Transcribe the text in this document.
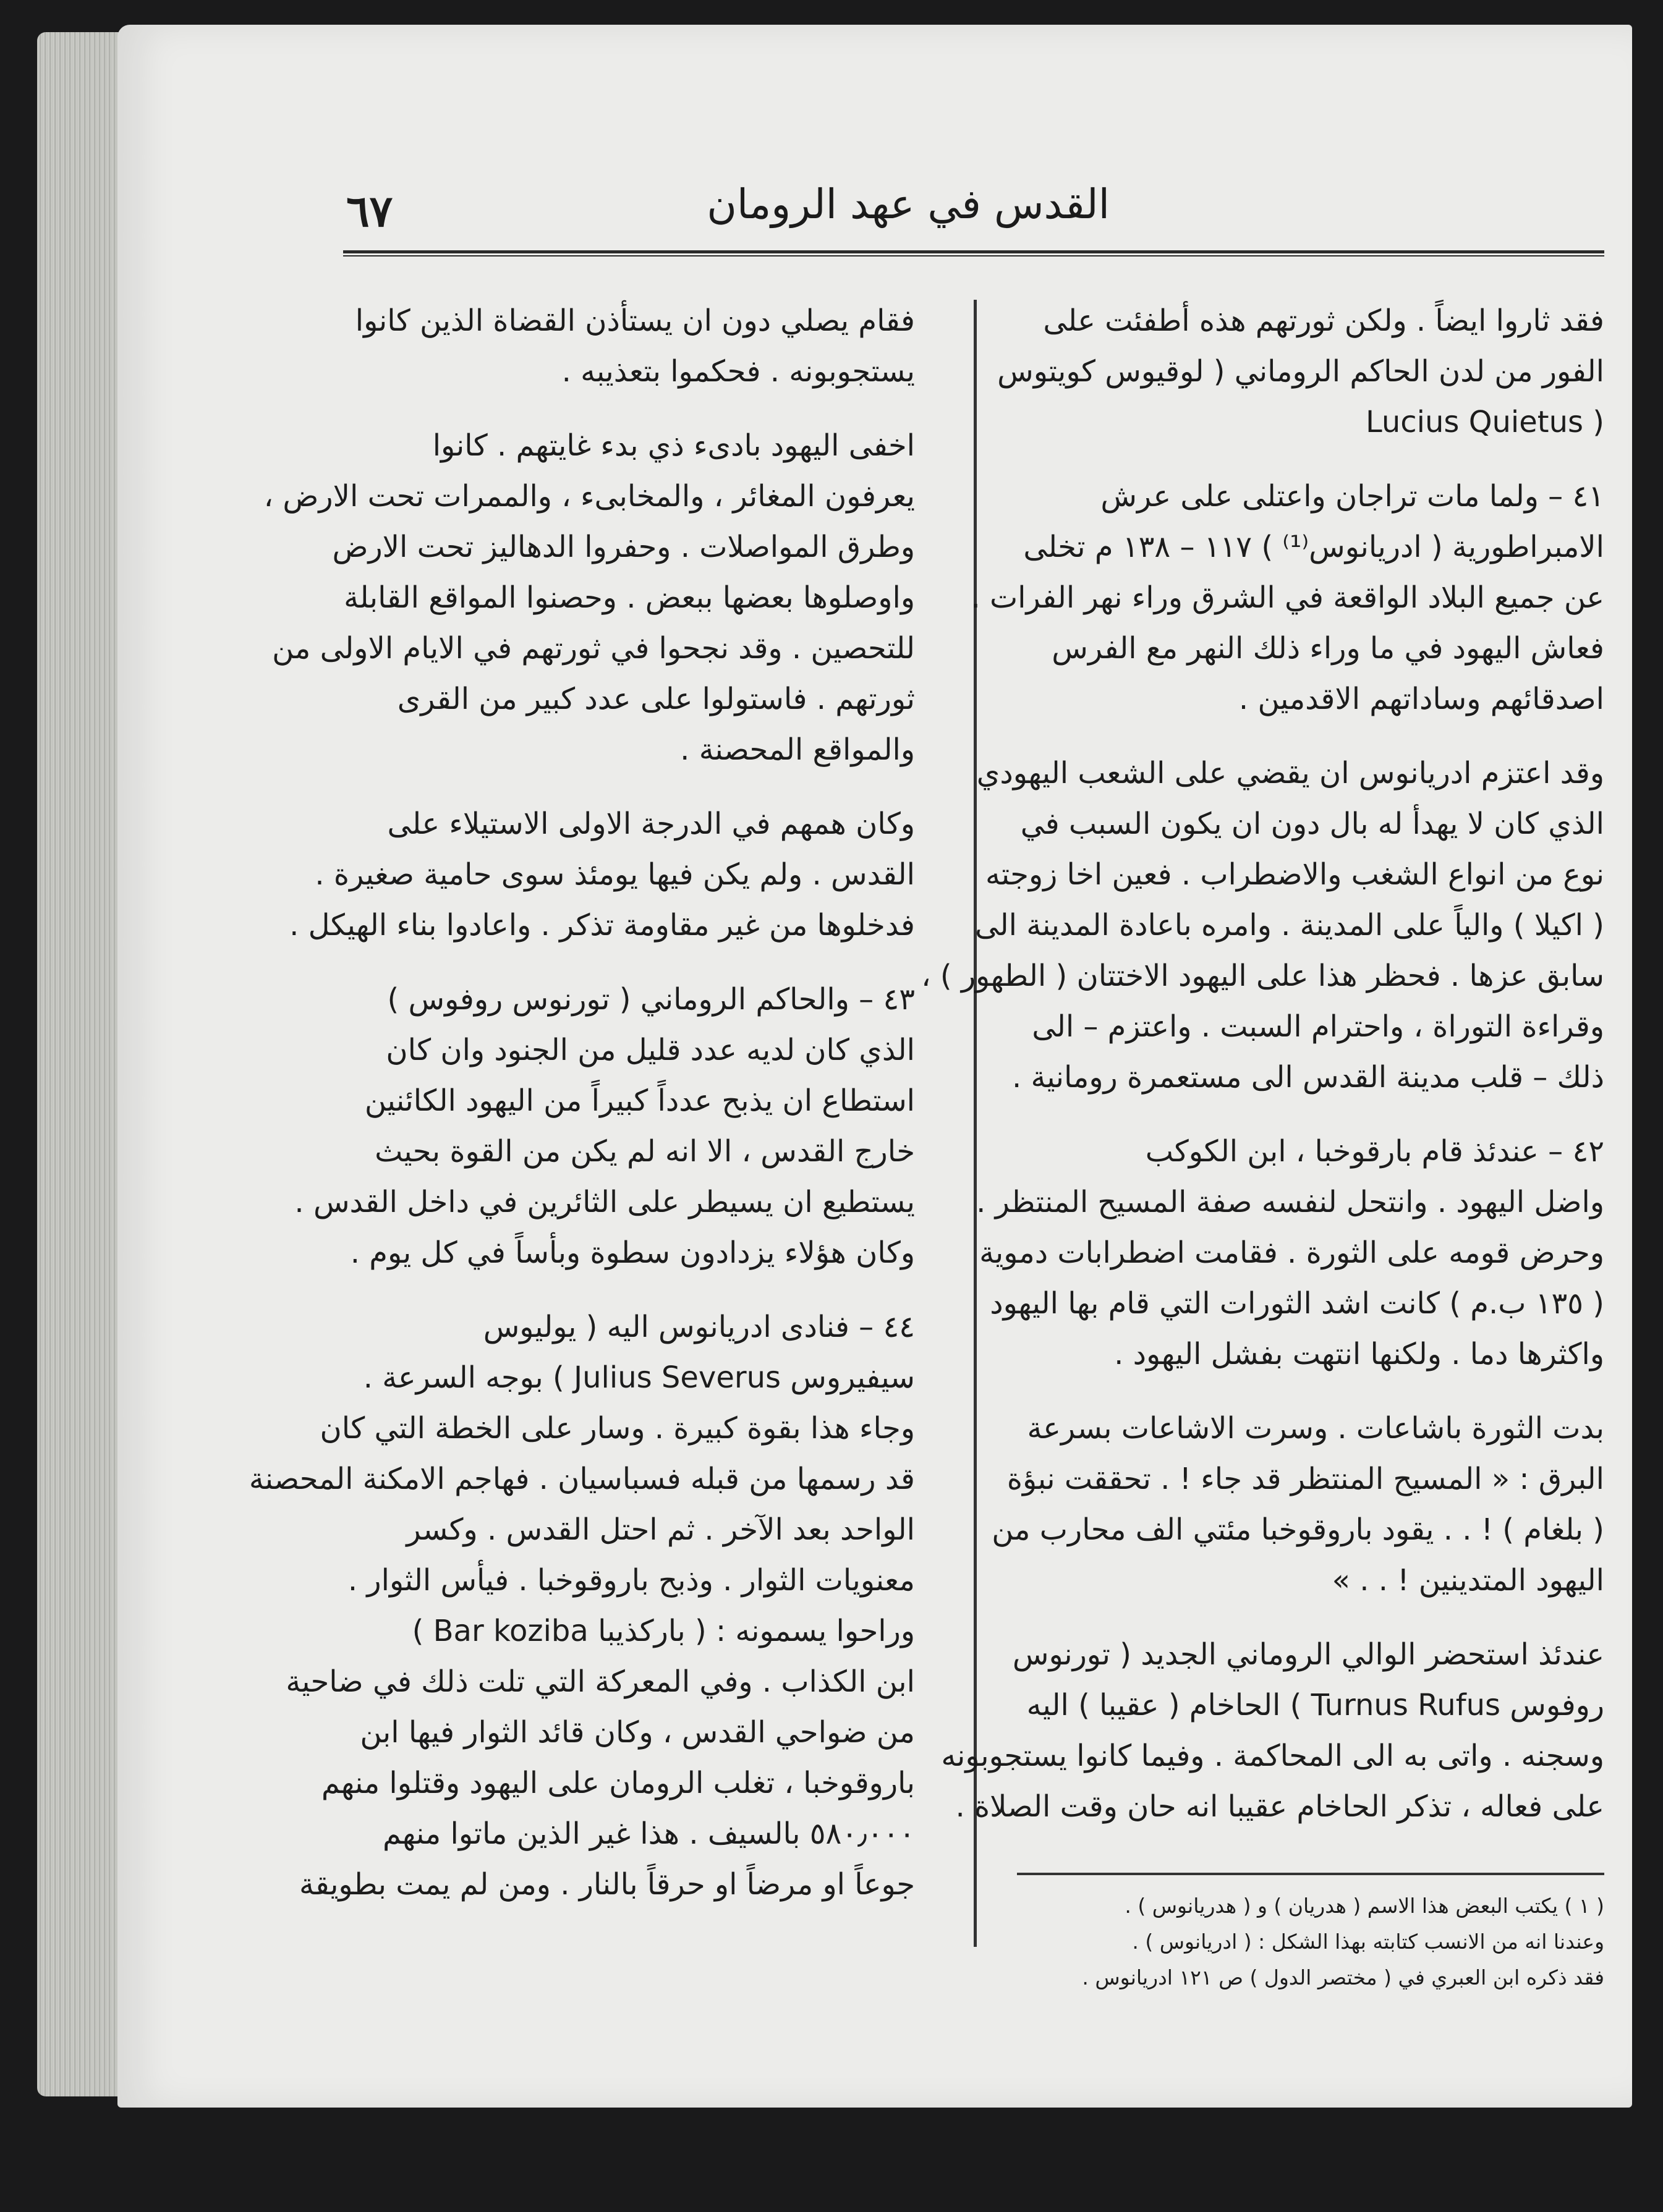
القدس في عهد الرومان
٦٧
فقد ثاروا ايضاً . ولكن ثورتهم هذه أطفئت على
الفور من لدن الحاكم الروماني ( لوقيوس كويتوس
( Lucius Quietus
٤١ – ولما مات تراجان واعتلى على عرش
الامبراطورية ( ادريانوس⁽¹⁾ ) ١١٧ – ١٣٨ م تخلى
عن جميع البلاد الواقعة في الشرق وراء نهر الفرات .
فعاش اليهود في ما وراء ذلك النهر مع الفرس
اصدقائهم وساداتهم الاقدمين .
وقد اعتزم ادريانوس ان يقضي على الشعب اليهودي
الذي كان لا يهدأ له بال دون ان يكون السبب في
نوع من انواع الشغب والاضطراب . فعين اخا زوجته
( اكيلا ) والياً على المدينة . وامره باعادة المدينة الى
سابق عزها . فحظر هذا على اليهود الاختتان ( الطهور ) ،
وقراءة التوراة ، واحترام السبت . واعتزم – الى
ذلك – قلب مدينة القدس الى مستعمرة رومانية .
٤٢ – عندئذ قام بارقوخبا ، ابن الكوكب
واضل اليهود . وانتحل لنفسه صفة المسيح المنتظر .
وحرض قومه على الثورة . فقامت اضطرابات دموية
( ١٣٥ ب.م ) كانت اشد الثورات التي قام بها اليهود
واكثرها دما . ولكنها انتهت بفشل اليهود .
بدت الثورة باشاعات . وسرت الاشاعات بسرعة
البرق : « المسيح المنتظر قد جاء ! . تحققت نبؤة
( بلغام ) ! . . يقود باروقوخبا مئتي الف محارب من
اليهود المتدينين ! . . »
عندئذ استحضر الوالي الروماني الجديد ( تورنوس
روفوس Turnus Rufus ) الحاخام ( عقيبا ) اليه
وسجنه . واتى به الى المحاكمة . وفيما كانوا يستجوبونه
على فعاله ، تذكر الحاخام عقيبا انه حان وقت الصلاة .
فقام يصلي دون ان يستأذن القضاة الذين كانوا
يستجوبونه . فحكموا بتعذيبه .
اخفى اليهود بادىء ذي بدء غايتهم . كانوا
يعرفون المغائر ، والمخابىء ، والممرات تحت الارض ،
وطرق المواصلات . وحفروا الدهاليز تحت الارض
واوصلوها بعضها ببعض . وحصنوا المواقع القابلة
للتحصين . وقد نجحوا في ثورتهم في الايام الاولى من
ثورتهم . فاستولوا على عدد كبير من القرى
والمواقع المحصنة .
وكان همهم في الدرجة الاولى الاستيلاء على
القدس . ولم يكن فيها يومئذ سوى حامية صغيرة .
فدخلوها من غير مقاومة تذكر . واعادوا بناء الهيكل .
٤٣ – والحاكم الروماني ( تورنوس روفوس )
الذي كان لديه عدد قليل من الجنود وان كان
استطاع ان يذبح عدداً كبيراً من اليهود الكائنين
خارج القدس ، الا انه لم يكن من القوة بحيث
يستطيع ان يسيطر على الثائرين في داخل القدس .
وكان هؤلاء يزدادون سطوة وبأساً في كل يوم .
٤٤ – فنادى ادريانوس اليه ( يوليوس
سيفيروس Julius Severus ) بوجه السرعة .
وجاء هذا بقوة كبيرة . وسار على الخطة التي كان
قد رسمها من قبله فسباسيان . فهاجم الامكنة المحصنة
الواحد بعد الآخر . ثم احتل القدس . وكسر
معنويات الثوار . وذبح باروقوخبا . فيأس الثوار .
وراحوا يسمونه : ( باركذيبا Bar koziba )
ابن الكذاب . وفي المعركة التي تلت ذلك في ضاحية
من ضواحي القدس ، وكان قائد الثوار فيها ابن
باروقوخبا ، تغلب الرومان على اليهود وقتلوا منهم
٥٨٠٫٠٠٠ بالسيف . هذا غير الذين ماتوا منهم
جوعاً او مرضاً او حرقاً بالنار . ومن لم يمت بطويقة
( ١ ) يكتب البعض هذا الاسم ( هدريان ) و ( هدريانوس ) .
وعندنا انه من الانسب كتابته بهذا الشكل : ( ادريانوس ) .
فقد ذكره ابن العبري في ( مختصر الدول ) ص ١٢١ ادريانوس .
